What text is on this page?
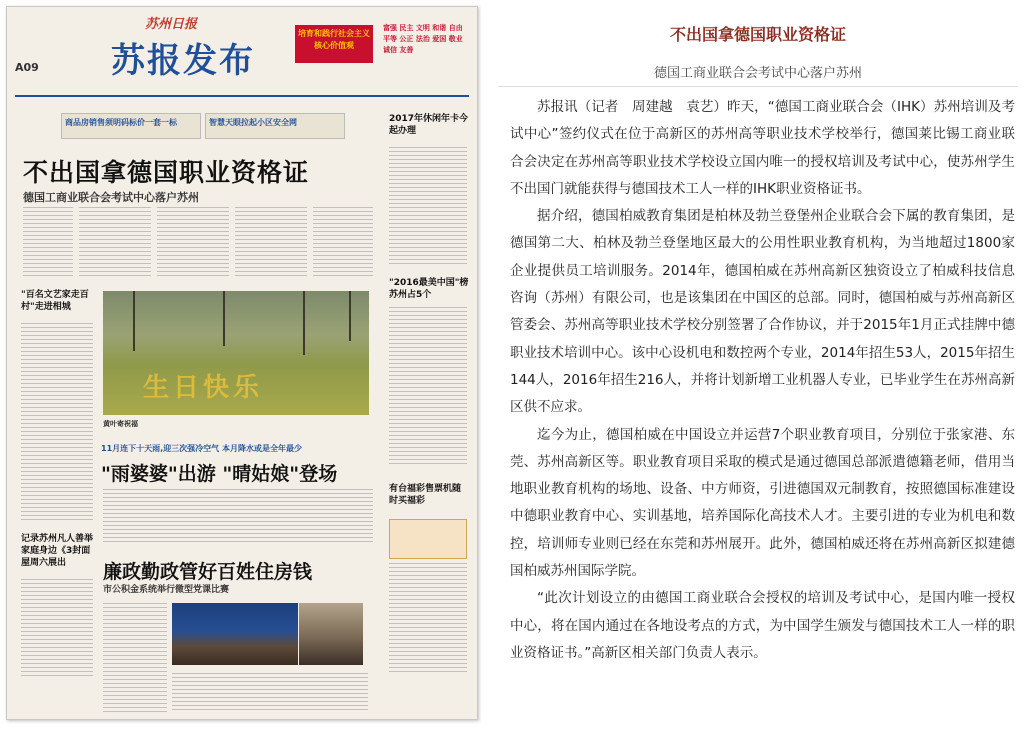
苏州日报
A09 苏报发布
培育和践行社会主义核心价值观
富强 民主 文明 和谐 自由 平等 公正 法治 爱国 敬业 诚信 友善
商品房销售须明码标价一套一标	智慧天眼拉起小区安全网	2017年休闲年卡今起办理
不出国拿德国职业资格证
德国工商业联合会考试中心落户苏州
"2016最美中国"榜苏州占5个
"百名文艺家走百村"走进相城
生日快乐
黄叶寄祝福
11月连下十天雨,迎三次强冷空气 本月降水或是全年最少
"雨婆婆"出游 "晴姑娘"登场
有台福彩售票机随时买福彩
记录苏州凡人善举家庭身边《3封面屋周六展出	廉政勤政管好百姓住房钱
市公积金系统举行微型党课比赛
不出国拿德国职业资格证
德国工商业联合会考试中心落户苏州

苏报讯（记者　周建越　袁艺）昨天，“德国工商业联合会（IHK）苏州培训及考试中心”签约仪式在位于高新区的苏州高等职业技术学校举行，德国莱比锡工商业联合会决定在苏州高等职业技术学校设立国内唯一的授权培训及考试中心，使苏州学生不出国门就能获得与德国技术工人一样的IHK职业资格证书。

据介绍，德国柏威教育集团是柏林及勃兰登堡州企业联合会下属的教育集团，是德国第二大、柏林及勃兰登堡地区最大的公用性职业教育机构，为当地超过1800家企业提供员工培训服务。2014年，德国柏威在苏州高新区独资设立了柏威科技信息咨询（苏州）有限公司，也是该集团在中国区的总部。同时，德国柏威与苏州高新区管委会、苏州高等职业技术学校分别签署了合作协议，并于2015年1月正式挂牌中德职业技术培训中心。该中心设机电和数控两个专业，2014年招生53人，2015年招生144人，2016年招生216人，并将计划新增工业机器人专业，已毕业学生在苏州高新区供不应求。

迄今为止，德国柏威在中国设立并运营7个职业教育项目，分别位于张家港、东莞、苏州高新区等。职业教育项目采取的模式是通过德国总部派遣德籍老师，借用当地职业教育机构的场地、设备、中方师资，引进德国双元制教育，按照德国标准建设中德职业教育中心、实训基地，培养国际化高技术人才。主要引进的专业为机电和数控，培训师专业则已经在东莞和苏州展开。此外，德国柏威还将在苏州高新区拟建德国柏威苏州国际学院。

“此次计划设立的由德国工商业联合会授权的培训及考试中心，是国内唯一授权中心，将在国内通过在各地设考点的方式，为中国学生颁发与德国技术工人一样的职业资格证书。”高新区相关部门负责人表示。
